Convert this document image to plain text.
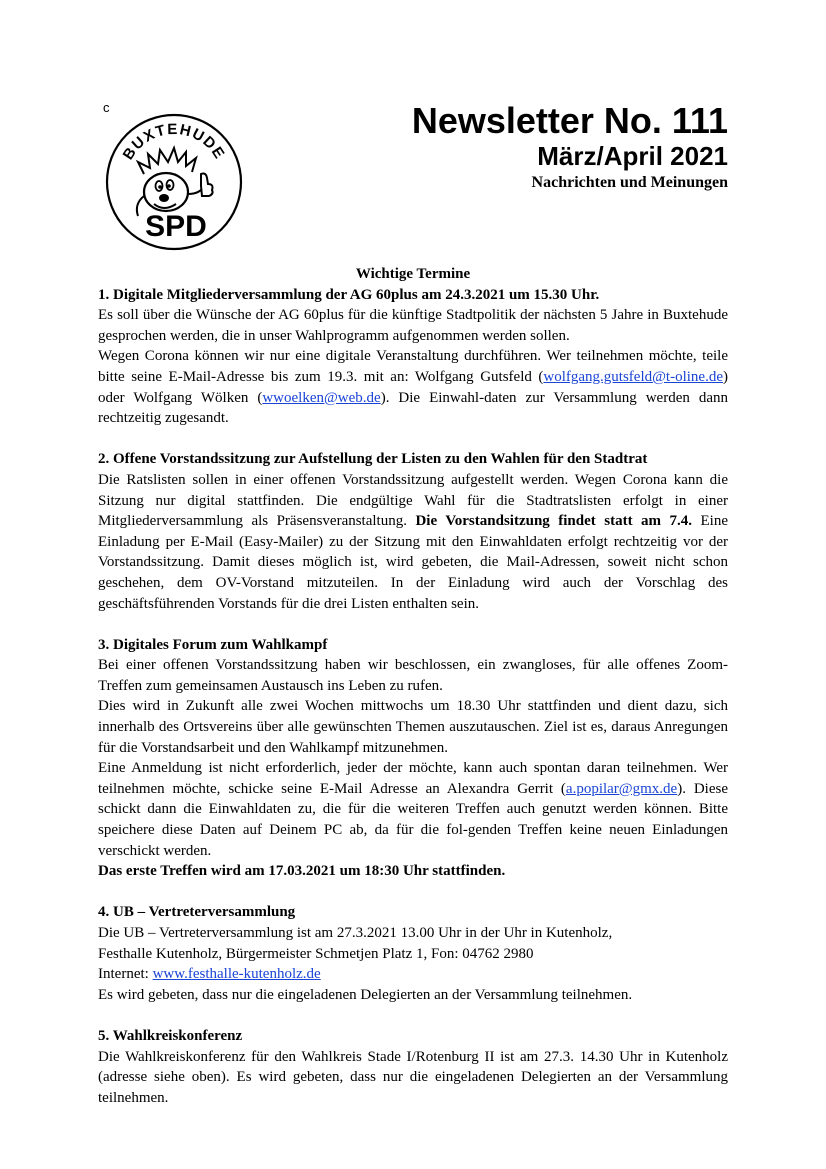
c
BUXTEHUDE
SPD
Newsletter No. 111
März/April 2021
Nachrichten und Meinungen

Wichtige Termine

1. Digitale Mitgliederversammlung der AG 60plus am 24.3.2021 um 15.30 Uhr.

Es soll über die Wünsche der AG 60plus für die künftige Stadtpolitik der nächsten 5 Jahre in Buxtehude gesprochen werden, die in unser Wahlprogramm aufgenommen werden sollen.

Wegen Corona können wir nur eine digitale Veranstaltung durchführen. Wer teilnehmen möchte, teile bitte seine E-Mail-Adresse bis zum 19.3. mit an: Wolfgang Gutsfeld (wolfgang.gutsfeld@t-oline.de) oder Wolfgang Wölken (wwoelken@web.de). Die Einwahl-daten zur Versammlung werden dann rechtzeitig zugesandt.

2. Offene Vorstandssitzung zur Aufstellung der Listen zu den Wahlen für den Stadtrat

Die Ratslisten sollen in einer offenen Vorstandssitzung aufgestellt werden. Wegen Corona kann die Sitzung nur digital stattfinden. Die endgültige Wahl für die Stadtratslisten erfolgt in einer Mitgliederversammlung als Präsensveranstaltung. Die Vorstandsitzung findet statt am 7.4. Eine Einladung per E-Mail (Easy-Mailer) zu der Sitzung mit den Einwahldaten erfolgt rechtzeitig vor der Vorstandssitzung. Damit dieses möglich ist, wird gebeten, die Mail-Adressen, soweit nicht schon geschehen, dem OV-Vorstand mitzuteilen. In der Einladung wird auch der Vorschlag des geschäftsführenden Vorstands für die drei Listen enthalten sein.

3. Digitales Forum zum Wahlkampf

Bei einer offenen Vorstandssitzung haben wir beschlossen, ein zwangloses, für alle offenes Zoom-Treffen zum gemeinsamen Austausch ins Leben zu rufen.

Dies wird in Zukunft alle zwei Wochen mittwochs um 18.30 Uhr stattfinden und dient dazu, sich innerhalb des Ortsvereins über alle gewünschten Themen auszutauschen. Ziel ist es, daraus Anregungen für die Vorstandsarbeit und den Wahlkampf mitzunehmen.

Eine Anmeldung ist nicht erforderlich, jeder der möchte, kann auch spontan daran teilnehmen. Wer teilnehmen möchte, schicke seine E-Mail Adresse an Alexandra Gerrit (a.popilar@gmx.de). Diese schickt dann die Einwahldaten zu, die für die weiteren Treffen auch genutzt werden können. Bitte speichere diese Daten auf Deinem PC ab, da für die fol-genden Treffen keine neuen Einladungen verschickt werden.

Das erste Treffen wird am 17.03.2021 um 18:30 Uhr stattfinden.

4. UB – Vertreterversammlung

Die UB – Vertreterversammlung ist am 27.3.2021 13.00 Uhr in der Uhr in Kutenholz,

Festhalle Kutenholz, Bürgermeister Schmetjen Platz 1, Fon: 04762 2980

Internet: www.festhalle-kutenholz.de

Es wird gebeten, dass nur die eingeladenen Delegierten an der Versammlung teilnehmen.

5. Wahlkreiskonferenz

Die Wahlkreiskonferenz für den Wahlkreis Stade I/Rotenburg II ist am 27.3. 14.30 Uhr in Kutenholz (adresse siehe oben). Es wird gebeten, dass nur die eingeladenen Delegierten an der Versammlung teilnehmen.
